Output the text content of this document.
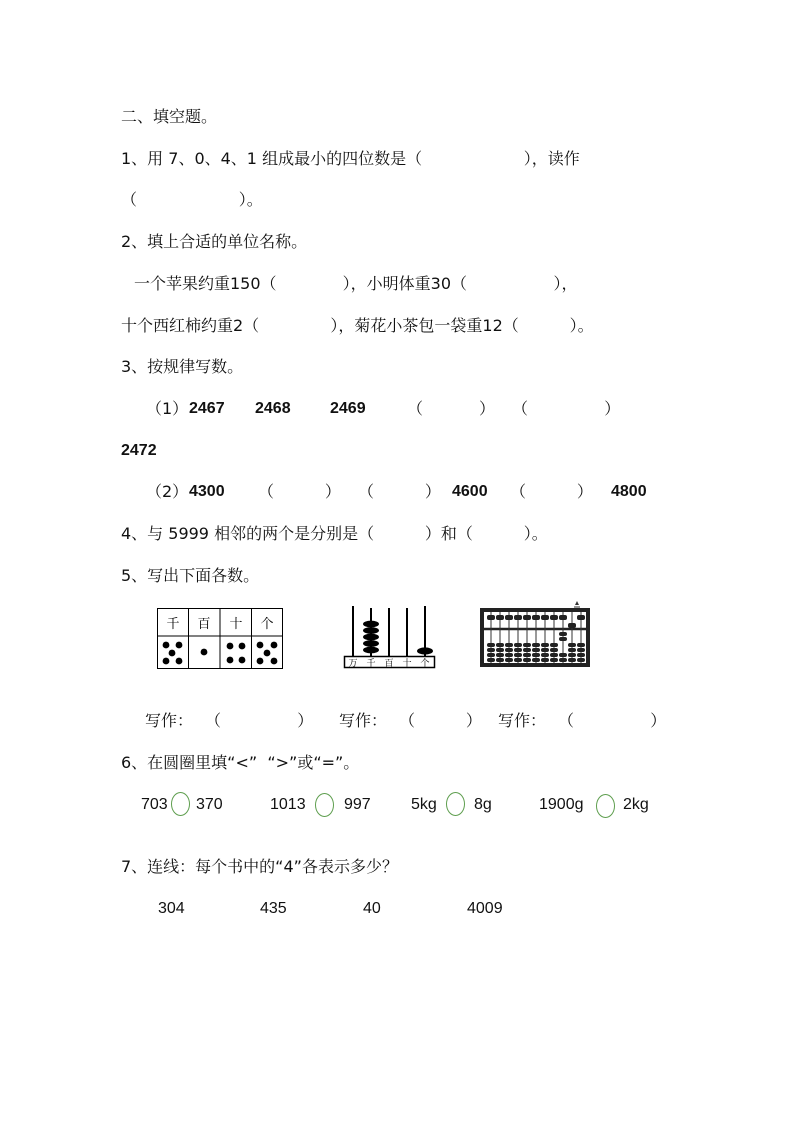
二、填空题。
1、用 7、0、4、1 组成最小的四位数是（                    ），读作
（                    ）。
2、填上合适的单位名称。
一个苹果约重150（             ），小明体重30（                 ），
十个西红柿约重2（              ），菊花小茶包一袋重12（          ）。
3、按规律写数。
（1） 2467 2468 2469	（           ） （               ）
2472
（2） 4300 （          ） （          ） 4600 （          ） 4800
4、与 5999 相邻的两个是分别是（          ）和（          ）。
5、写出下面各数。
千 百 十 个
万 千 百 十 个
写作： （               ） 写作： （          ） 写作： （               ）
6、在圆圈里填“<”  “>”或“=”。
703 370	1013 997	5kg 8g	1900g 2kg
7、连线：每个书中的“4”各表示多少？
304	435	40	4009
